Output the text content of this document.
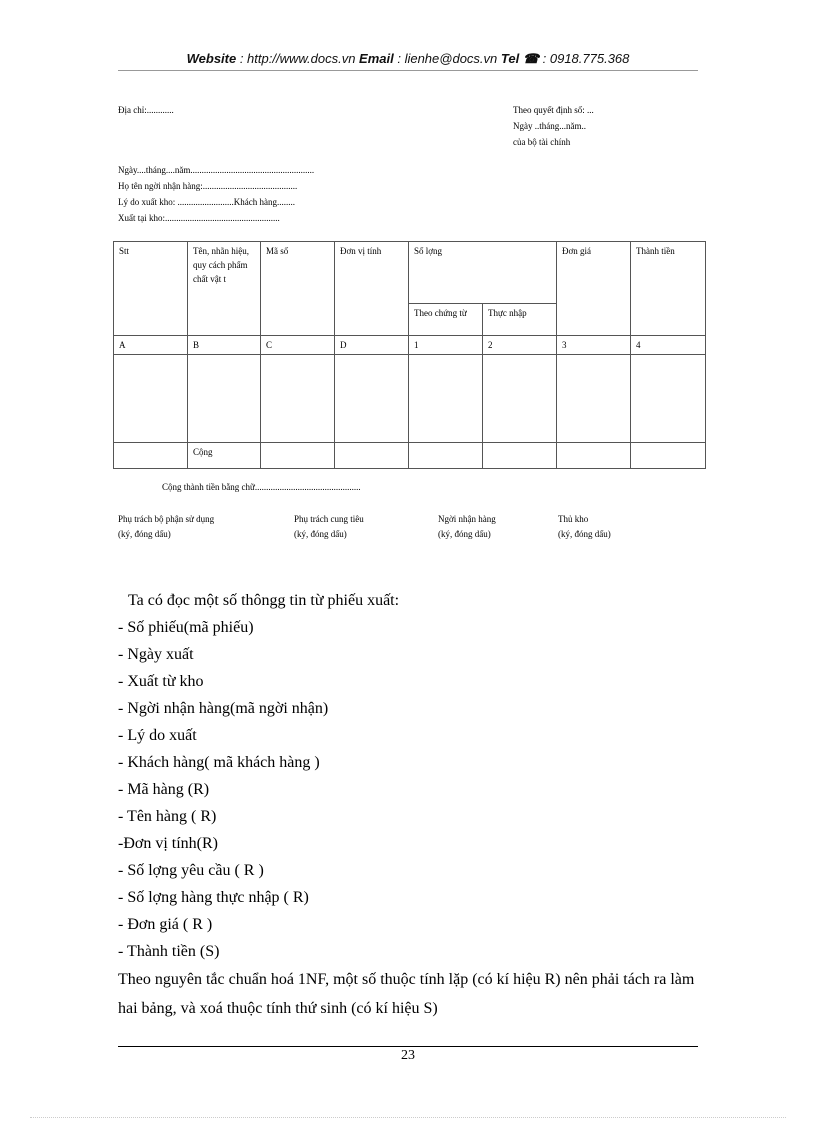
Website : http://www.docs.vn Email : lienhe@docs.vn Tel ☎ : 0918.775.368
Địa chỉ:............	Theo quyết định số: ...
Ngày ..tháng...năm..
của bộ tài chính
Ngày....tháng....năm.......................................................
Họ tên ngời nhận hàng:..........................................
Lý do xuất kho: .........................Khách hàng........
Xuất tại kho:...................................................
Stt	Tên, nhãn hiệu, quy cách phẩm chất vật t	Mã số	Đơn vị tính	Số lợng		Đơn giá	Thành tiền
				Theo chứng từ	Thực nhập		
A	B	C	D	1	2	3	4

	Cộng						
Cộng thành tiền bằng chữ...............................................
Phụ trách bộ phận sử dụng
(ký, đóng dấu)
Phụ trách cung tiêu
(ký, đóng dấu)
Ngời nhận hàng
(ký, đóng dấu)
Thủ kho
(ký, đóng dấu)

Ta có đọc một số thôngg tin từ phiếu xuất:

- Số phiếu(mã phiếu)

- Ngày xuất

- Xuất từ kho

- Ngời nhận hàng(mã ngời nhận)

- Lý do xuất

- Khách hàng( mã khách hàng )

- Mã hàng (R)

- Tên hàng ( R)

-Đơn vị tính(R)

- Số lợng yêu cầu ( R )

- Số lợng hàng thực nhập ( R)

- Đơn giá ( R )

- Thành tiền (S)

Theo nguyên tắc chuẩn hoá 1NF, một số thuộc tính lặp (có kí hiệu R) nên phải tách ra làm hai bảng, và xoá thuộc tính thứ sinh (có kí hiệu S)

23
